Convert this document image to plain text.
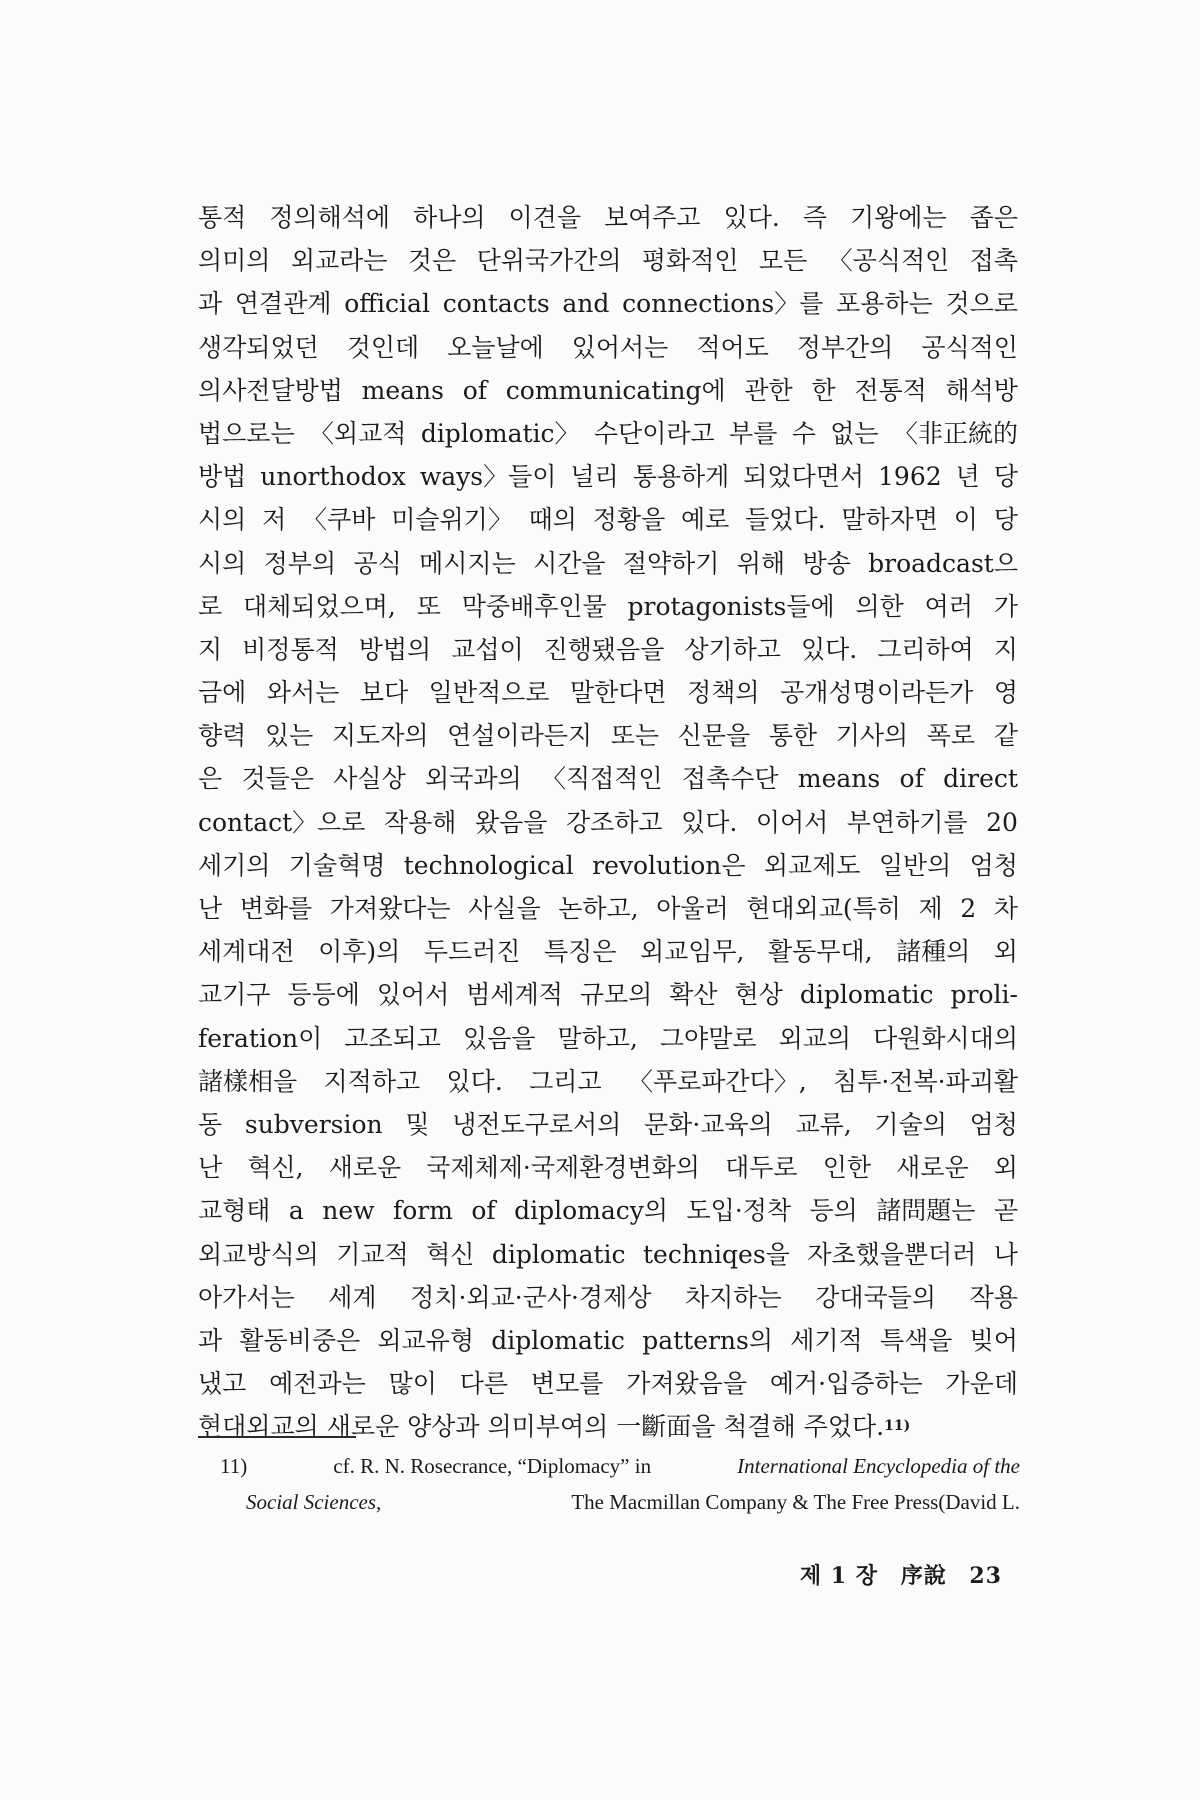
통적 정의해석에 하나의 이견을 보여주고 있다. 즉 기왕에는 좁은
의미의 외교라는 것은 단위국가간의 평화적인 모든 〈공식적인 접촉
과 연결관계 official contacts and connections〉를 포용하는 것으로
생각되었던 것인데 오늘날에 있어서는 적어도 정부간의 공식적인
의사전달방법 means of communicating에 관한 한 전통적 해석방
법으로는 〈외교적 diplomatic〉 수단이라고 부를 수 없는 〈非正統的
방법 unorthodox ways〉들이 널리 통용하게 되었다면서 1962 년 당
시의 저 〈쿠바 미슬위기〉 때의 정황을 예로 들었다. 말하자면 이 당
시의 정부의 공식 메시지는 시간을 절약하기 위해 방송 broadcast으
로 대체되었으며, 또 막중배후인물 protagonists들에 의한 여러 가
지 비정통적 방법의 교섭이 진행됐음을 상기하고 있다. 그리하여 지
금에 와서는 보다 일반적으로 말한다면 정책의 공개성명이라든가 영
향력 있는 지도자의 연설이라든지 또는 신문을 통한 기사의 폭로 같
은 것들은 사실상 외국과의 〈직접적인 접촉수단 means of direct
contact〉으로 작용해 왔음을 강조하고 있다. 이어서 부연하기를 20
세기의 기술혁명 technological revolution은 외교제도 일반의 엄청
난 변화를 가져왔다는 사실을 논하고, 아울러 현대외교(특히 제 2 차
세계대전 이후)의 두드러진 특징은 외교임무, 활동무대, 諸種의 외
교기구 등등에 있어서 범세계적 규모의 확산 현상 diplomatic proli-
feration이 고조되고 있음을 말하고, 그야말로 외교의 다원화시대의
諸樣相을 지적하고 있다. 그리고 〈푸로파간다〉, 침투·전복·파괴활
동 subversion 및 냉전도구로서의 문화·교육의 교류, 기술의 엄청
난 혁신, 새로운 국제체제·국제환경변화의 대두로 인한 새로운 외
교형태 a new form of diplomacy의 도입·정착 등의 諸問題는 곧
외교방식의 기교적 혁신 diplomatic techniqes을 자초했을뿐더러 나
아가서는 세계 정치·외교·군사·경제상 차지하는 강대국들의 작용
과 활동비중은 외교유형 diplomatic patterns의 세기적 특색을 빚어
냈고 예전과는 많이 다른 변모를 가져왔음을 예거·입증하는 가운데
현대외교의 새로운 양상과 의미부여의 一斷面을 척결해 주었다. 11)
11)	cf. R. N. Rosecrance, “Diplomacy” in	International Encyclopedia of the
Social Sciences,	The Macmillan Company & The Free Press(David L.
제 1 장 序說 23
